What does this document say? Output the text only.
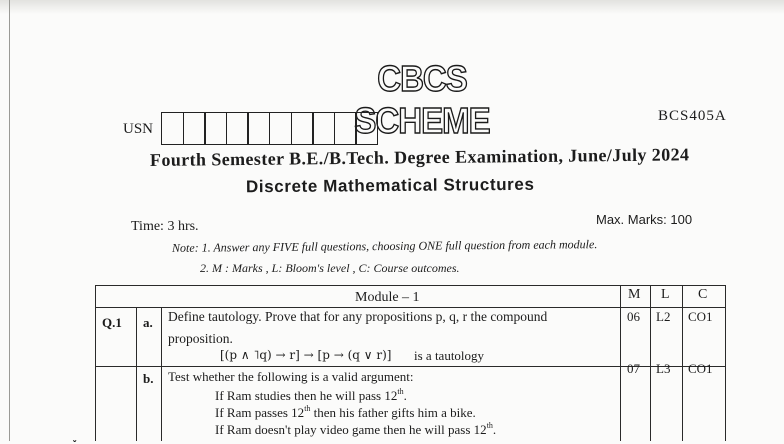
CBCS SCHEME
USN
BCS405A
Fourth Semester B.E./B.Tech. Degree Examination, June/July 2024
Discrete Mathematical Structures
Time: 3 hrs.	Max. Marks: 100
Note: 1. Answer any FIVE full questions, choosing ONE full question from each module.
2. M : Marks , L: Bloom's level , C: Course outcomes.
Module – 1	M L C
Q.1 a. Define tautology. Prove that for any propositions p, q, r the compound
proposition.
[(p ∧ ˥q) → r] → [p → (q ∨ r)] is a tautology
06 L2 CO1
b. Test whether the following is a valid argument:
If Ram studies then he will pass 12th.
If Ram passes 12th then his father gifts him a bike.
If Ram doesn't play video game then he will pass 12th.
07 L3 CO1
˯
